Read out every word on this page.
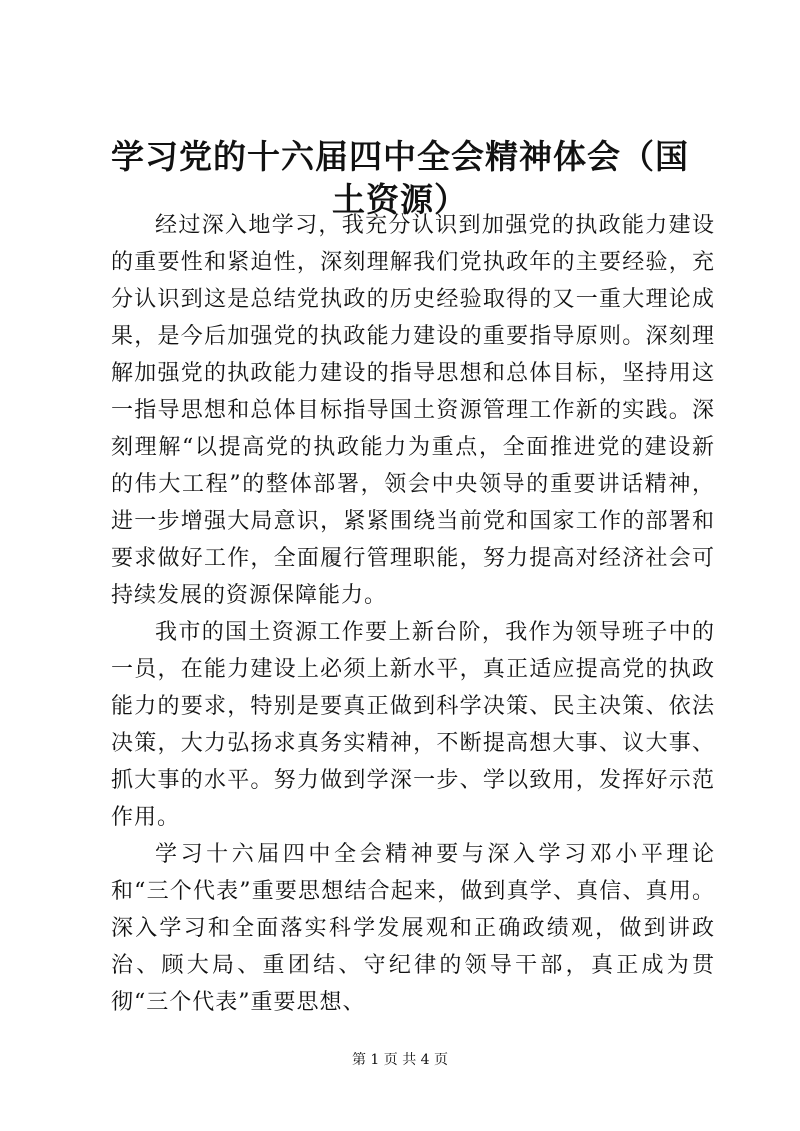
学习党的十六届四中全会精神体会（国土资源）

经过深入地学习，我充分认识到加强党的执政能力建设的重要性和紧迫性，深刻理解我们党执政年的主要经验，充分认识到这是总结党执政的历史经验取得的又一重大理论成果，是今后加强党的执政能力建设的重要指导原则。深刻理解加强党的执政能力建设的指导思想和总体目标，坚持用这一指导思想和总体目标指导国土资源管理工作新的实践。深刻理解“以提高党的执政能力为重点，全面推进党的建设新的伟大工程”的整体部署，领会中央领导的重要讲话精神，进一步增强大局意识，紧紧围绕当前党和国家工作的部署和要求做好工作，全面履行管理职能，努力提高对经济社会可持续发展的资源保障能力。

我市的国土资源工作要上新台阶，我作为领导班子中的一员，在能力建设上必须上新水平，真正适应提高党的执政能力的要求，特别是要真正做到科学决策、民主决策、依法决策，大力弘扬求真务实精神，不断提高想大事、议大事、抓大事的水平。努力做到学深一步、学以致用，发挥好示范作用。

学习十六届四中全会精神要与深入学习邓小平理论和“三个代表”重要思想结合起来，做到真学、真信、真用。深入学习和全面落实科学发展观和正确政绩观，做到讲政治、顾大局、重团结、守纪律的领导干部，真正成为贯彻“三个代表”重要思想、

第 1 页 共 4 页
